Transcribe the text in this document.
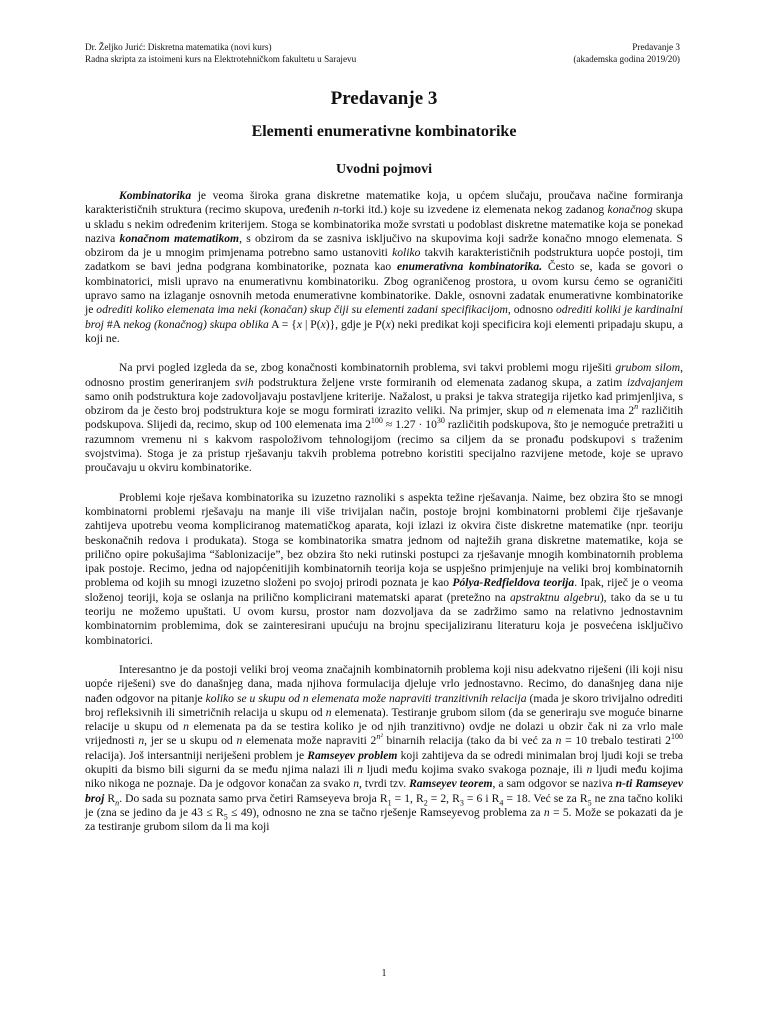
Dr. Željko Jurić: Diskretna matematika (novi kurs)
Radna skripta za istoimeni kurs na Elektrotehničkom fakultetu u Sarajevu
Predavanje 3
(akademska godina 2019/20)
Predavanje 3
Elementi enumerativne kombinatorike
Uvodni pojmovi

Kombinatorika je veoma široka grana diskretne matematike koja, u općem slučaju, proučava načine formiranja karakterističnih struktura (recimo skupova, uređenih n-torki itd.) koje su izvedene iz elemenata nekog zadanog konačnog skupa u skladu s nekim određenim kriterijem. Stoga se kombinatorika može svrstati u podoblast diskretne matematike koja se ponekad naziva konačnom matematikom, s obzirom da se zasniva isključivo na skupovima koji sadrže konačno mnogo elemenata. S obzirom da je u mnogim primjenama potrebno samo ustanoviti koliko takvih karakterističnih podstruktura uopće postoji, tim zadatkom se bavi jedna podgrana kombinatorike, poznata kao enumerativna kombinatorika. Često se, kada se govori o kombinatorici, misli upravo na enumerativnu kombinatoriku. Zbog ograničenog prostora, u ovom kursu ćemo se ograničiti upravo samo na izlaganje osnovnih metoda enumerativne kombinatorike. Dakle, osnovni zadatak enumerativne kombinatorike je odrediti koliko elemenata ima neki (konačan) skup čiji su elementi zadani specifikacijom, odnosno odrediti koliki je kardinalni broj #A nekog (konačnog) skupa oblika A = {x | P(x)}, gdje je P(x) neki predikat koji specificira koji elementi pripadaju skupu, a koji ne.

Na prvi pogled izgleda da se, zbog konačnosti kombinatornih problema, svi takvi problemi mogu riješiti grubom silom, odnosno prostim generiranjem svih podstruktura željene vrste formiranih od elemenata zadanog skupa, a zatim izdvajanjem samo onih podstruktura koje zadovoljavaju postavljene kriterije. Nažalost, u praksi je takva strategija rijetko kad primjenljiva, s obzirom da je često broj podstruktura koje se mogu formirati izrazito veliki. Na primjer, skup od n elemenata ima 2$^n$ različitih podskupova. Slijedi da, recimo, skup od 100 elemenata ima $2^{100} \approx 1.27 \cdot 10^{30}$ različitih podskupova, što je nemoguće pretražiti u razumnom vremenu ni s kakvom raspoloživom tehnologijom (recimo sa ciljem da se pronađu podskupovi s traženim svojstvima). Stoga je za pristup rješavanju takvih problema potrebno koristiti specijalno razvijene metode, koje se upravo proučavaju u okviru kombinatorike.

Problemi koje rješava kombinatorika su izuzetno raznoliki s aspekta težine rješavanja. Naime, bez obzira što se mnogi kombinatorni problemi rješavaju na manje ili više trivijalan način, postoje brojni kombinatorni problemi čije rješavanje zahtijeva upotrebu veoma kompliciranog matematičkog aparata, koji izlazi iz okvira čiste diskretne matematike (npr. teoriju beskonačnih redova i produkata). Stoga se kombinatorika smatra jednom od najtežih grana diskretne matematike, koja se prilično opire pokušajima “šablonizacije”, bez obzira što neki rutinski postupci za rješavanje mnogih kombinatornih problema ipak postoje. Recimo, jedna od najopćenitijih kombinatornih teorija koja se uspješno primjenjuje na veliki broj kombinatornih problema od kojih su mnogi izuzetno složeni po svojoj prirodi poznata je kao Pólya-Redfieldova teorija. Ipak, riječ je o veoma složenoj teoriji, koja se oslanja na prilično komplicirani matematski aparat (pretežno na apstraktnu algebru), tako da se u tu teoriju ne možemo upuštati. U ovom kursu, prostor nam dozvoljava da se zadržimo samo na relativno jednostavnim kombinatornim problemima, dok se zainteresirani upućuju na brojnu specijaliziranu literaturu koja je posvećena isključivo kombinatorici.

Interesantno je da postoji veliki broj veoma značajnih kombinatornih problema koji nisu adekvatno riješeni (ili koji nisu uopće riješeni) sve do današnjeg dana, mada njihova formulacija djeluje vrlo jednostavno. Recimo, do današnjeg dana nije nađen odgovor na pitanje koliko se u skupu od n elemenata može napraviti tranzitivnih relacija (mada je skoro trivijalno odrediti broj refleksivnih ili simetričnih relacija u skupu od n elemenata). Testiranje grubom silom (da se generiraju sve moguće binarne relacije u skupu od n elemenata pa da se testira koliko je od njih tranzitivno) ovdje ne dolazi u obzir čak ni za vrlo male vrijednosti n, jer se u skupu od n elemenata može napraviti $2^{n^2}$ binarnih relacija (tako da bi već za n = 10 trebalo testirati $2^{100}$ relacija). Još intersantniji neriješeni problem je Ramseyev problem koji zahtijeva da se odredi minimalan broj ljudi koji se treba okupiti da bismo bili sigurni da se među njima nalazi ili n ljudi među kojima svako svakoga poznaje, ili n ljudi među kojima niko nikoga ne poznaje. Da je odgovor konačan za svako n, tvrdi tzv. Ramseyev teorem, a sam odgovor se naziva n-ti Ramseyev broj $R_n$. Do sada su poznata samo prva četiri Ramseyeva broja $R_1 = 1$, $R_2 = 2$, $R_3 = 6$ i $R_4 = 18$. Već se za $R_5$ ne zna tačno koliki je (zna se jedino da je $43 \le R_5 \le 49$), odnosno ne zna se tačno rješenje Ramseyevog problema za n = 5. Može se pokazati da je za testiranje grubom silom da li ma koji

1
